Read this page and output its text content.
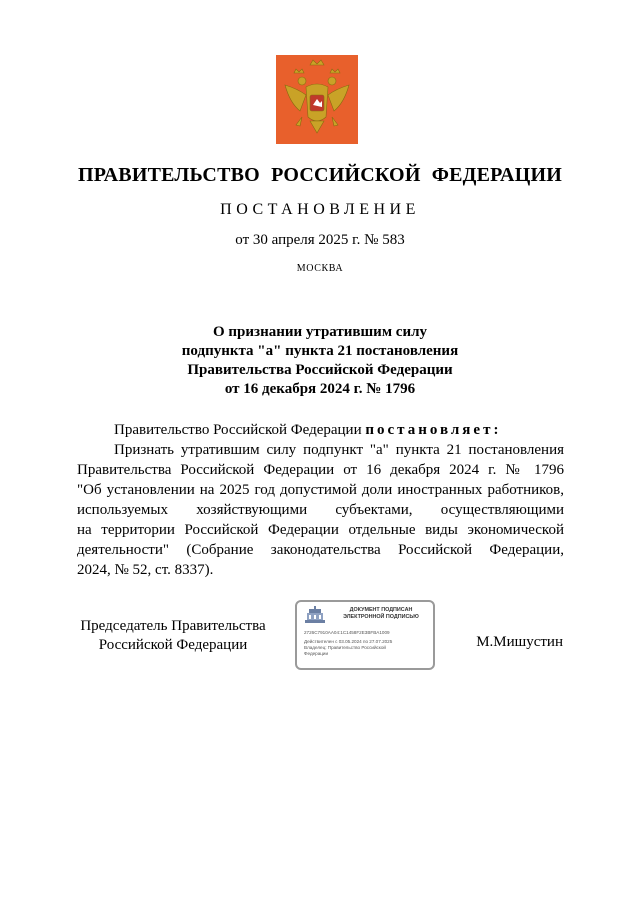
ПРАВИТЕЛЬСТВО РОССИЙСКОЙ ФЕДЕРАЦИИ
ПОСТАНОВЛЕНИЕ
от 30 апреля 2025 г. № 583
МОСКВА
О признании утратившим силу
подпункта "а" пункта 21 постановления
Правительства Российской Федерации
от 16 декабря 2024 г. № 1796
Правительство Российской Федерации постановляет:
Признать утратившим силу подпункт "а" пункта 21 постановления
Правительства Российской Федерации от 16 декабря 2024 г. № 1796
"Об установлении на 2025 год допустимой доли иностранных работников,
используемых хозяйствующими субъектами, осуществляющими
на территории Российской Федерации отдельные виды экономической
деятельности" (Собрание законодательства Российской Федерации,
2024, № 52, ст. 8337).
Председатель Правительства
Российской Федерации
ДОКУМЕНТ ПОДПИСАН
ЭЛЕКТРОННОЙ ПОДПИСЬЮ
2726C7910AA04:1C1458F2E3BFBA1009
Действителен с 03.05.2024 по 27.07.2025
Владелец: Правительство Российской
Федерации
М.Мишустин
